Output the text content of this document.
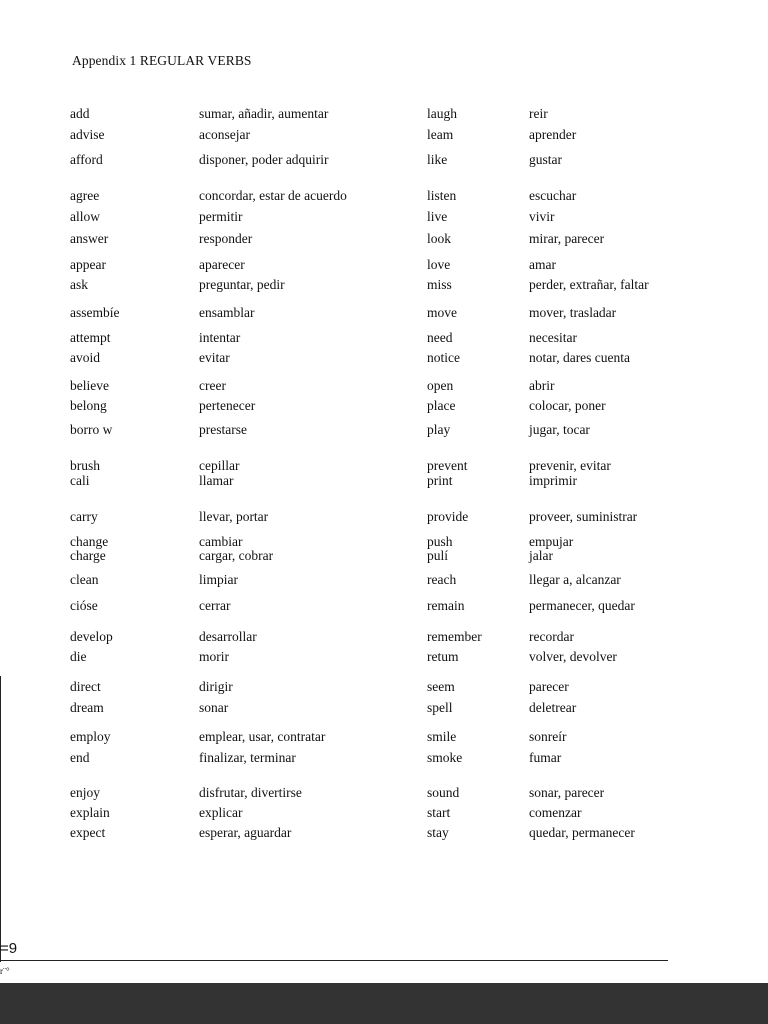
Appendix 1 REGULAR VERBS
add	sumar, añadir, aumentar	laugh	reir
advise	aconsejar	leam	aprender
afford	disponer, poder adquirir	like	gustar
agree	concordar, estar de acuerdo	listen	escuchar
allow	permitir	live	vivir
answer	responder	look	mirar, parecer
appear	aparecer	love	amar
ask	preguntar, pedir	miss	perder, extrañar, faltar
assembíe	ensamblar	move	mover, trasladar
attempt	intentar	need	necesitar
avoid	evitar	notice	notar, dares cuenta
believe	creer	open	abrir
belong	pertenecer	place	colocar, poner
borro w	prestarse	play	jugar, tocar
brush	cepillar	prevent	prevenir, evitar
cali	llamar	print	imprimir
carry	llevar, portar	provide	proveer, suministrar
change	cambiar	push	empujar
charge	cargar, cobrar	pulí	jalar
clean	limpiar	reach	llegar a, alcanzar
cióse	cerrar	remain	permanecer, quedar
develop	desarrollar	remember	recordar
die	morir	retum	volver, devolver
direct	dirigir	seem	parecer
dream	sonar	spell	deletrear
employ	emplear, usar, contratar	smile	sonreír
end	finalizar, terminar	smoke	fumar
enjoy	disfrutar, divertirse	sound	sonar, parecer
explain	explicar	start	comenzar
expect	esperar, aguardar	stay	quedar, permanecer
=9
r¨°
